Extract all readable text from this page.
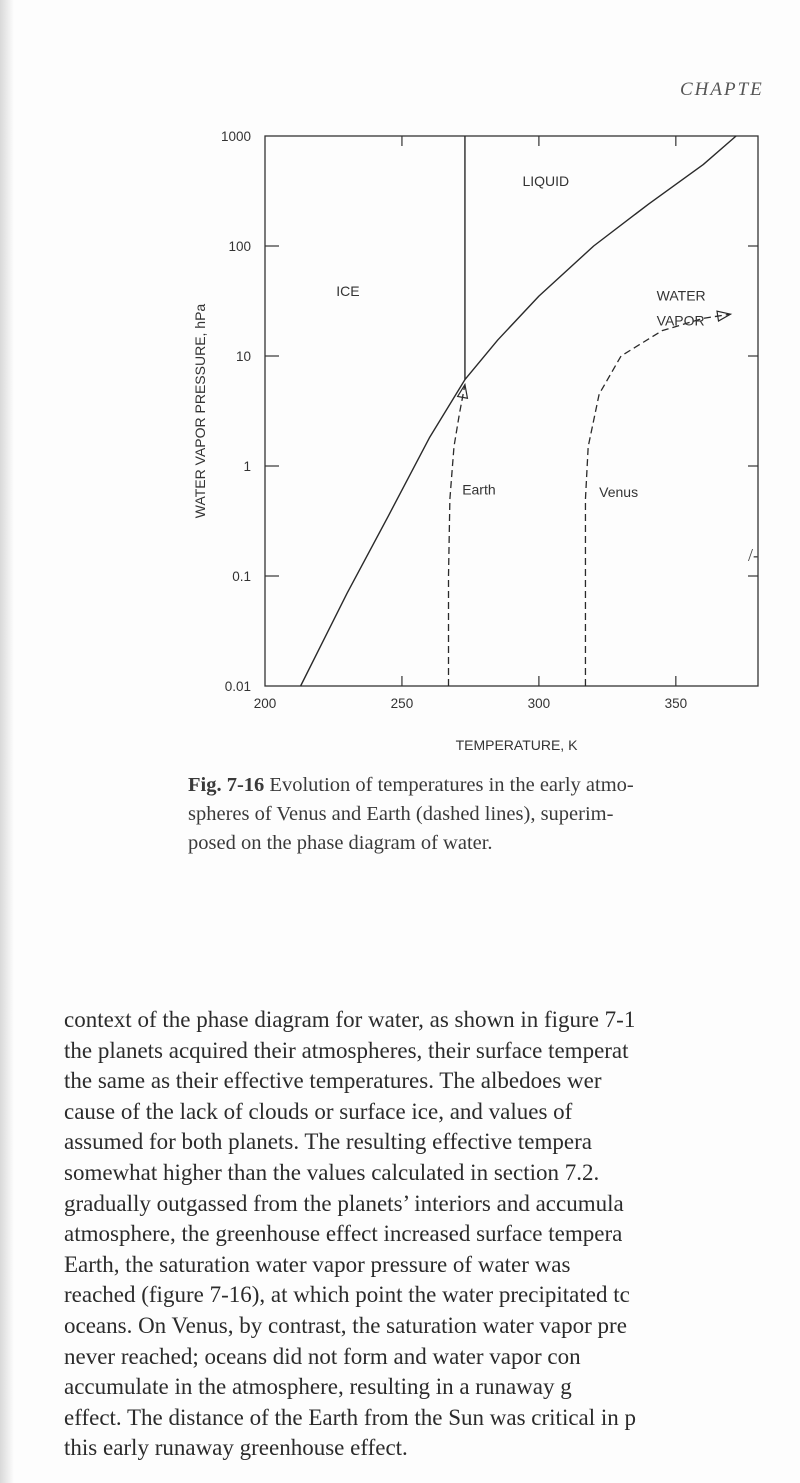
CHAPTE
200	250	300	350
0.01
0.1
1
10
100
1000
TEMPERATURE, K
WATER VAPOR PRESSURE, hPa
ICE
LIQUID
WATER
VAPOR
Earth	Venus
/-
Fig. 7-16 Evolution of temperatures in the early atmo-
spheres of Venus and Earth (dashed lines), superim-
posed on the phase diagram of water.
context of the phase diagram for water, as shown in figure 7-1
the planets acquired their atmospheres, their surface temperat
the same as their effective temperatures. The albedoes wer
cause of the lack of clouds or surface ice, and values of
assumed for both planets. The resulting effective tempera
somewhat higher than the values calculated in section 7.2.
gradually outgassed from the planets’ interiors and accumula
atmosphere, the greenhouse effect increased surface tempera
Earth, the saturation water vapor pressure of water was
reached (figure 7-16), at which point the water precipitated tc
oceans. On Venus, by contrast, the saturation water vapor pre
never reached; oceans did not form and water vapor con
accumulate in the atmosphere, resulting in a runaway g
effect. The distance of the Earth from the Sun was critical in p
this early runaway greenhouse effect.
